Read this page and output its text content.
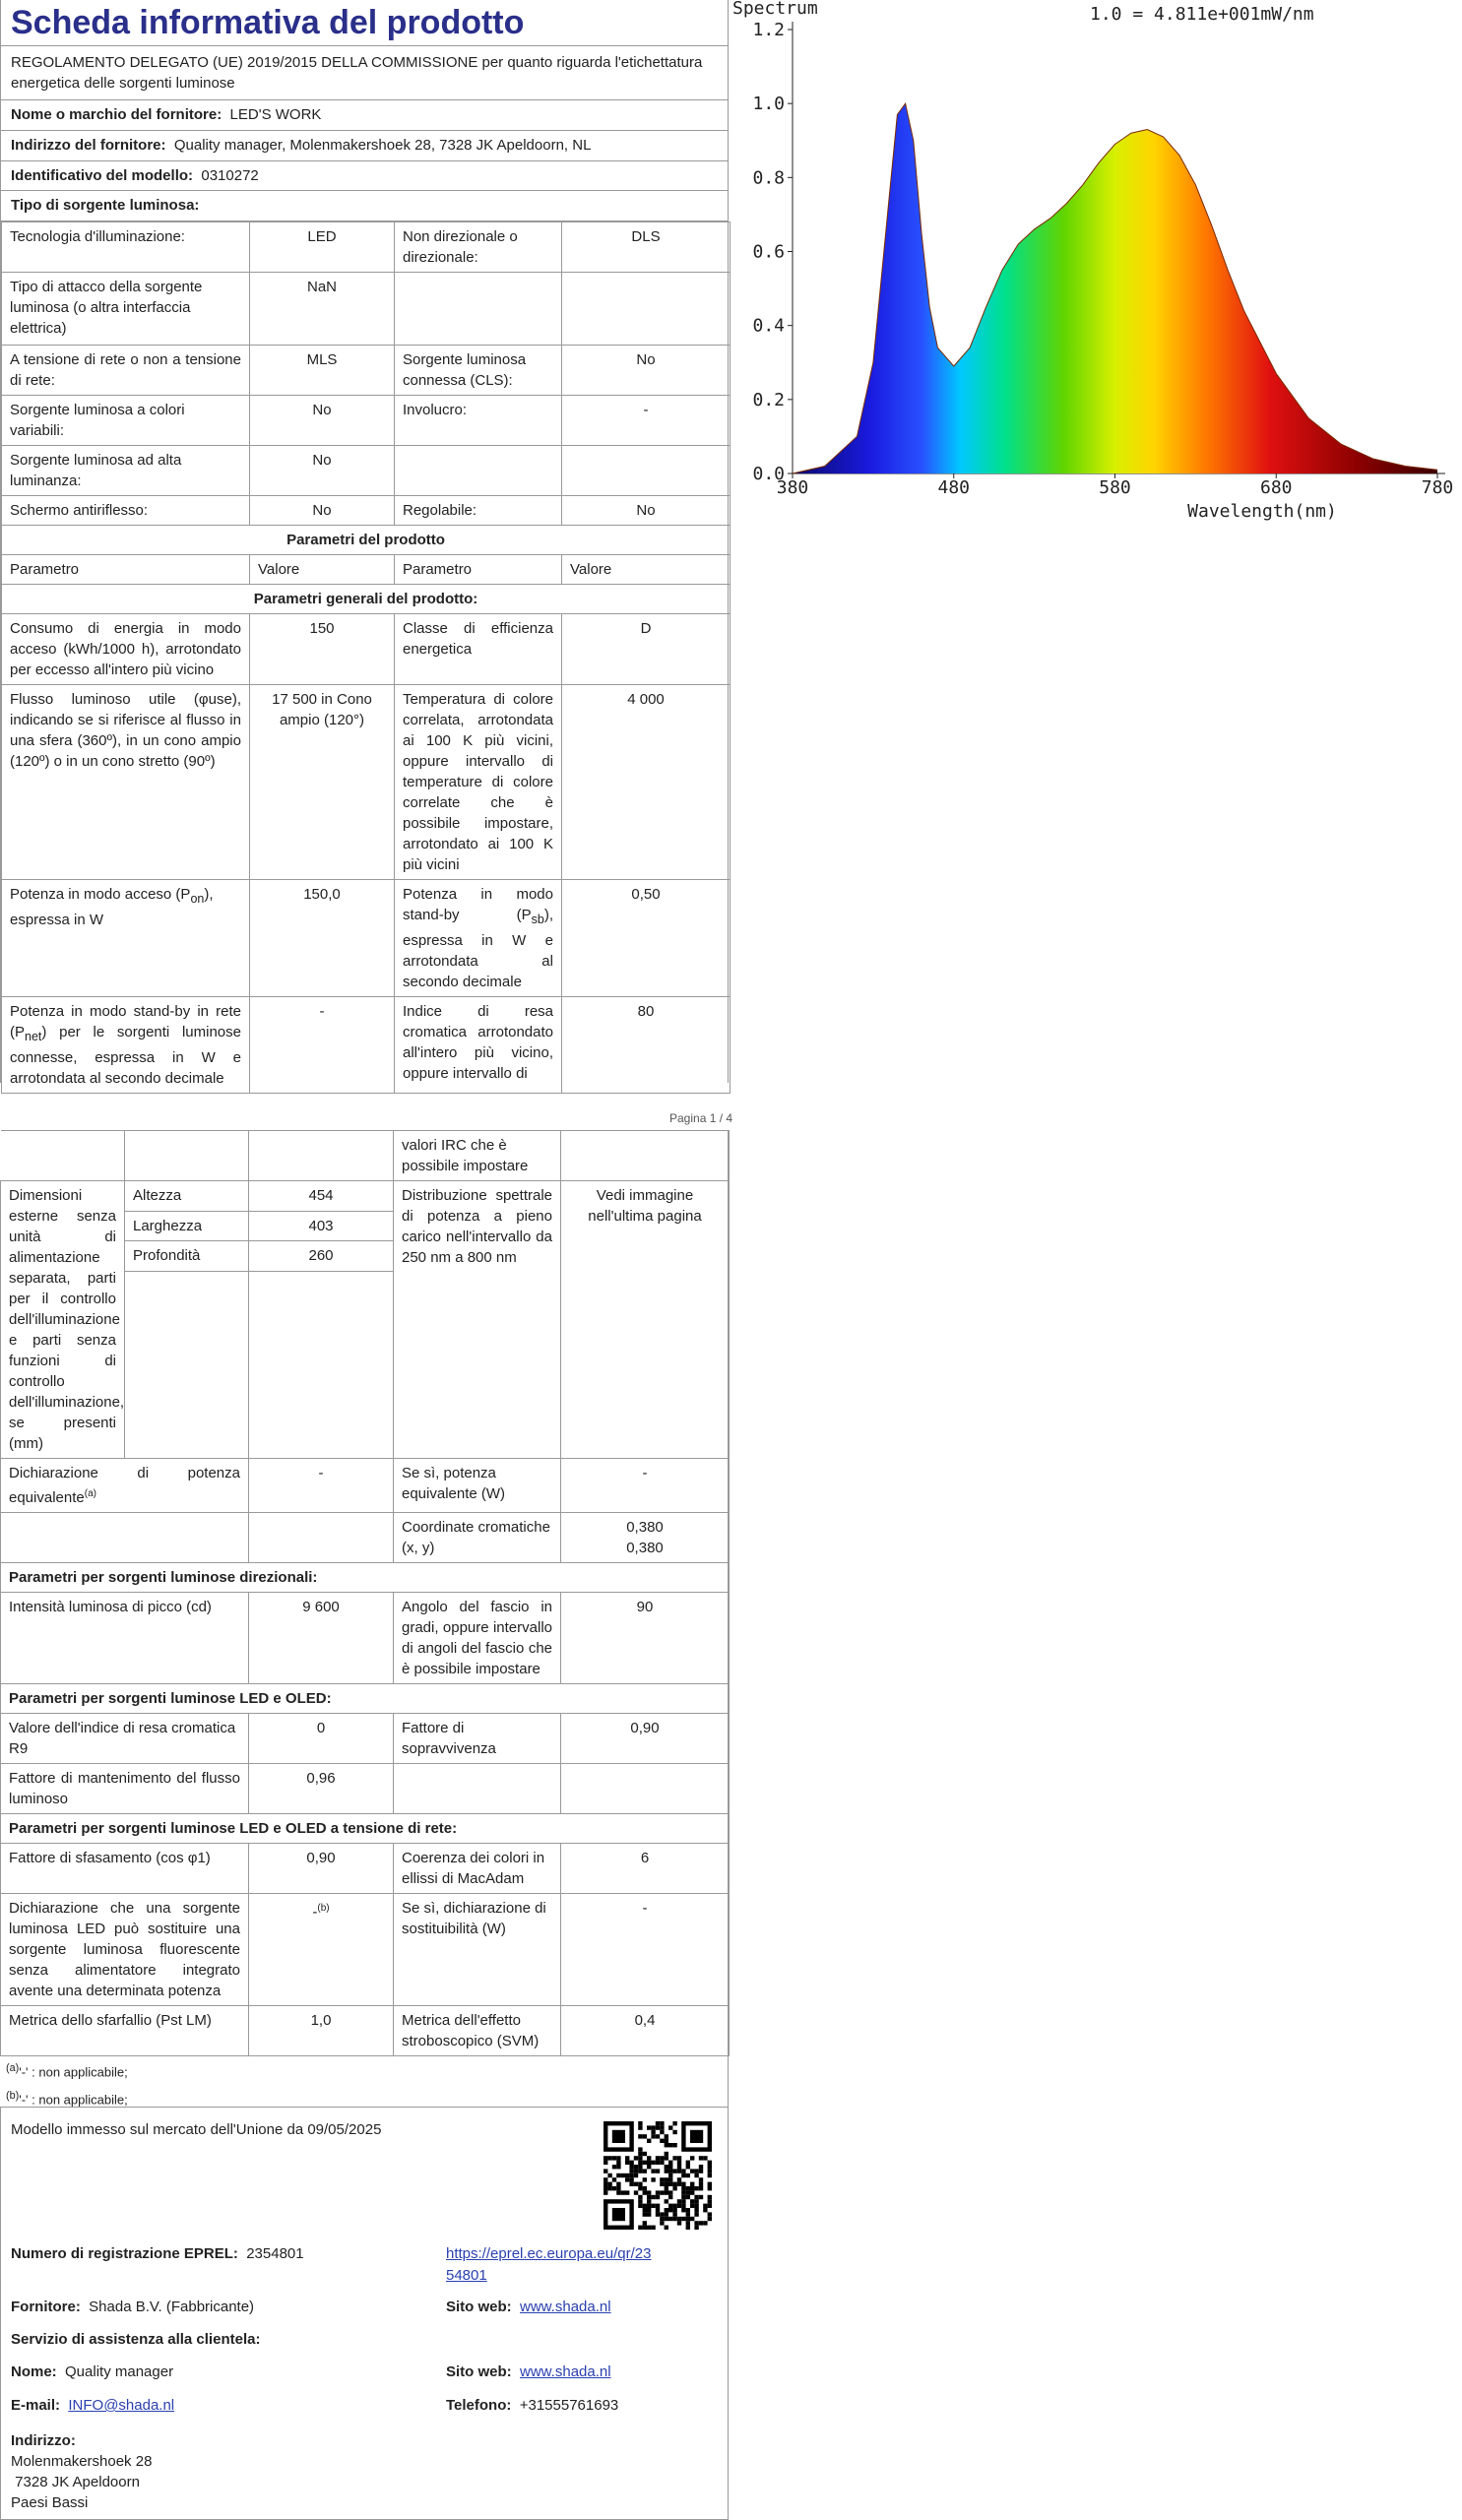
Scheda informativa del prodotto
REGOLAMENTO DELEGATO (UE) 2019/2015 DELLA COMMISSIONE per quanto riguarda l'etichettatura energetica delle sorgenti luminose
Nome o marchio del fornitore: LED'S WORK
Indirizzo del fornitore: Quality manager, Molenmakershoek 28, 7328 JK Apeldoorn, NL
Identificativo del modello: 0310272
Tipo di sorgente luminosa:
Tecnologia d'illuminazione:	LED	Non direzionale o direzionale:	DLS
Tipo di attacco della sorgente luminosa (o altra interfaccia elettrica)	NaN		
A tensione di rete o non a tensione di rete:	MLS	Sorgente luminosa connessa (CLS):	No
Sorgente luminosa a colori variabili:	No	Involucro:	-
Sorgente luminosa ad alta luminanza:	No		
Schermo antiriflesso:	No	Regolabile:	No
Parametri del prodotto			
Parametro	Valore	Parametro	Valore
Parametri generali del prodotto:			
Consumo di energia in modo acceso (kWh/1000 h), arrotondato per eccesso all'intero più vicino	150	Classe di efficienza energetica	D
Flusso luminoso utile (φuse), indicando se si riferisce al flusso in una sfera (360º), in un cono ampio (120º) o in un cono stretto (90º)	17 500 in Cono ampio (120°)	Temperatura di colore correlata, arrotondata ai 100 K più vicini, oppure intervallo di temperature di colore correlate che è possibile impostare, arrotondato ai 100 K più vicini	4 000
Potenza in modo acceso $(P_{on})$, espressa in W	150,0	Potenza in modo stand-by $(P_{sb})$, espressa in W e arrotondata al secondo decimale	0,50
Potenza in modo stand-by in rete $(P_{net})$ per le sorgenti luminose connesse, espressa in W e arrotondata al secondo decimale	-	Indice di resa cromatica arrotondato all'intero più vicino, oppure intervallo di	80
Spectrum	1.0 = 4.811e+001mW/nm
0.0
0.2
0.4
0.6
0.8
1.0
1.2
380	480	580	680	780
Wavelength(nm)
Pagina 1 / 4
			valori IRC che è possibile impostare	
Dimensioni esterne senza unità di alimentazione separata, parti per il controllo dell'illuminazione e parti senza funzioni di controllo dell'illuminazione, se presenti (mm)	Altezza	454	Distribuzione spettrale di potenza a pieno carico nell'intervallo da 250 nm a 800 nm	Vedi immagine nell'ultima pagina
	Larghezza	403		
	Profondità	260		

Dichiarazione di potenza equivalente$^{(a)}$		-	Se sì, potenza equivalente (W)	-
			Coordinate cromatiche (x, y)	0,380
0,380

Parametri per sorgenti luminose direzionali:				
Intensità luminosa di picco (cd)		9 600	Angolo del fascio in gradi, oppure intervallo di angoli del fascio che è possibile impostare	90
Parametri per sorgenti luminose LED e OLED:				
Valore dell'indice di resa cromatica R9		0	Fattore di sopravvivenza	0,90
Fattore di mantenimento del flusso luminoso		0,96		
Parametri per sorgenti luminose LED e OLED a tensione di rete:				
Fattore di sfasamento (cos φ1)		0,90	Coerenza dei colori in ellissi di MacAdam	6
Dichiarazione che una sorgente luminosa LED può sostituire una sorgente luminosa fluorescente senza alimentatore integrato avente una determinata potenza		-$^{(b)}$	Se sì, dichiarazione di sostituibilità (W)	-
Metrica dello sfarfallio (Pst LM)		1,0	Metrica dell'effetto stroboscopico (SVM)	0,4
$^{(a)}$'-' : non applicabile;
$^{(b)}$'-' : non applicabile;
Modello immesso sul mercato dell'Unione da 09/05/2025
Numero di registrazione EPREL: 2354801	https://eprel.ec.europa.eu/qr/23
54801
Fornitore: Shada B.V. (Fabbricante)	Sito web: www.shada.nl
Servizio di assistenza alla clientela:
Nome: Quality manager	Sito web: www.shada.nl
E-mail: INFO@shada.nl	Telefono: +31555761693
Indirizzo:
Molenmakershoek 28
7328 JK Apeldoorn
Paesi Bassi
